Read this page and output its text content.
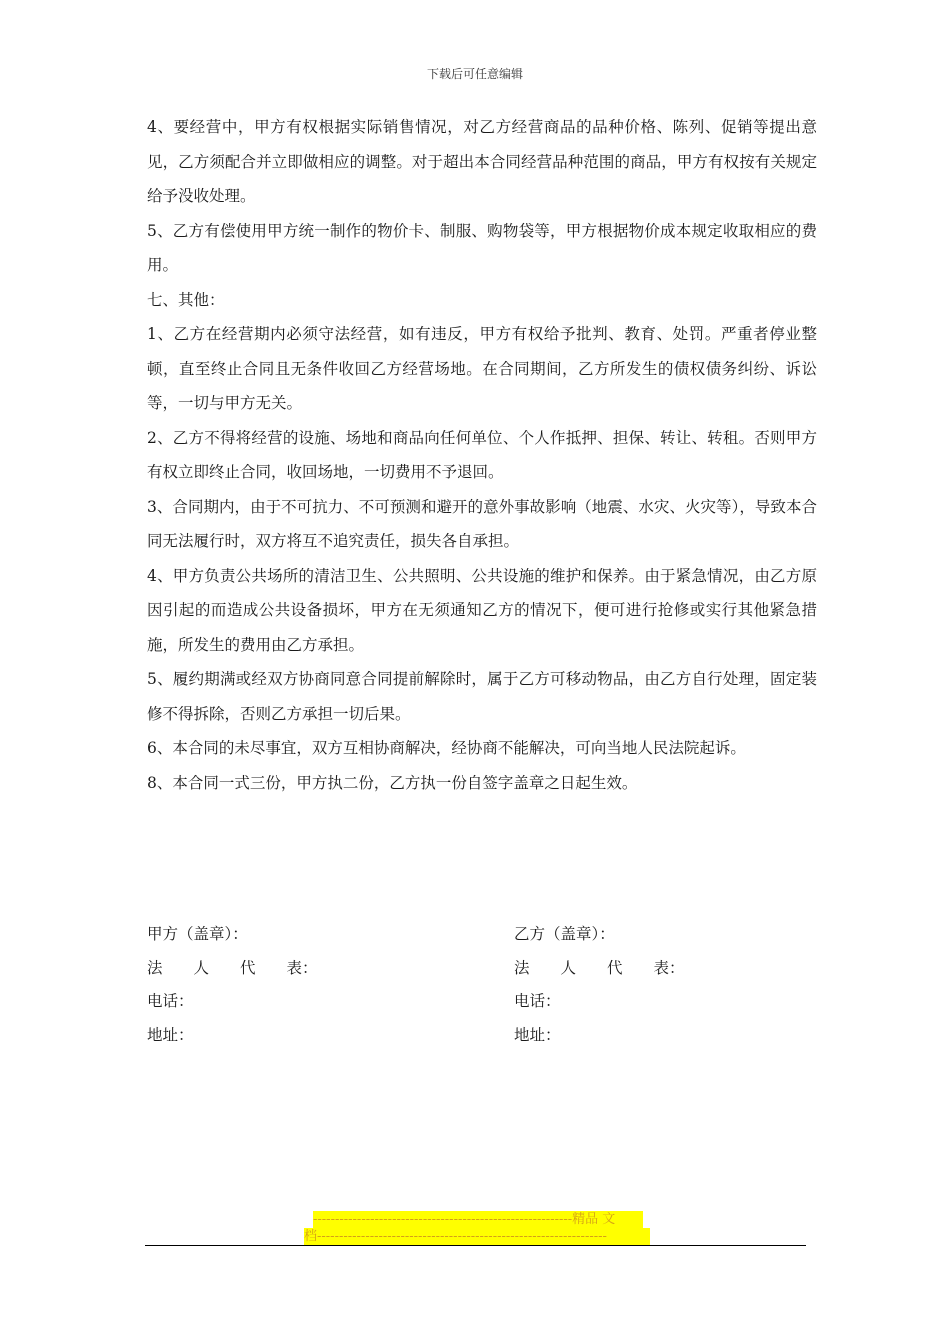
下载后可任意编辑

4、要经营中，甲方有权根据实际销售情况，对乙方经营商品的品种价格、陈列、促销等提出意见，乙方须配合并立即做相应的调整。对于超出本合同经营品种范围的商品，甲方有权按有关规定给予没收处理。

5、乙方有偿使用甲方统一制作的物价卡、制服、购物袋等，甲方根据物价成本规定收取相应的费用。

七、其他：

1、乙方在经营期内必须守法经营，如有违反，甲方有权给予批判、教育、处罚。严重者停业整顿，直至终止合同且无条件收回乙方经营场地。在合同期间，乙方所发生的债权债务纠纷、诉讼等，一切与甲方无关。

2、乙方不得将经营的设施、场地和商品向任何单位、个人作抵押、担保、转让、转租。否则甲方有权立即终止合同，收回场地，一切费用不予退回。

3、合同期内，由于不可抗力、不可预测和避开的意外事故影响（地震、水灾、火灾等），导致本合同无法履行时，双方将互不追究责任，损失各自承担。

4、甲方负责公共场所的清洁卫生、公共照明、公共设施的维护和保养。由于紧急情况，由乙方原因引起的而造成公共设备损坏，甲方在无须通知乙方的情况下，便可进行抢修或实行其他紧急措施，所发生的费用由乙方承担。

5、履约期满或经双方协商同意合同提前解除时，属于乙方可移动物品，由乙方自行处理，固定装修不得拆除，否则乙方承担一切后果。

6、本合同的未尽事宜，双方互相协商解决，经协商不能解决，可向当地人民法院起诉。

8、本合同一式三份，甲方执二份，乙方执一份自签字盖章之日起生效。

甲方（盖章）：
法　　人　　代　　表：
电话：
地址：
乙方（盖章）：
法　　人　　代　　表：
电话：
地址：
-----------------------------------------------------------精品 文
档------------------------------------------------------------------
